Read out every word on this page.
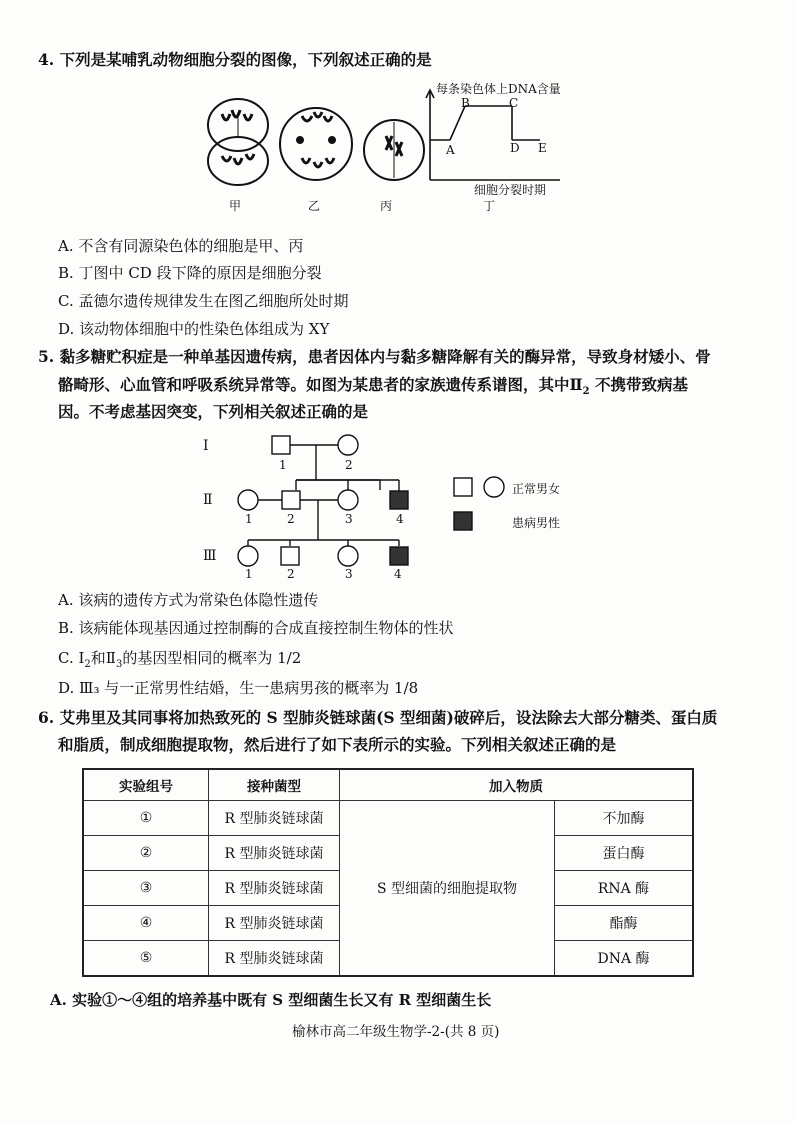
4. 下列是某哺乳动物细胞分裂的图像，下列叙述正确的是
甲	乙	丙	丁
每条染色体上DNA含量
A
B	C
D E
细胞分裂时期
A. 不含有同源染色体的细胞是甲、丙
B. 丁图中 CD 段下降的原因是细胞分裂
C. 孟德尔遗传规律发生在图乙细胞所处时期
D. 该动物体细胞中的性染色体组成为 XY
5. 黏多糖贮积症是一种单基因遗传病，患者因体内与黏多糖降解有关的酶异常，导致身材矮小、骨
骼畸形、心血管和呼吸系统异常等。如图为某患者的家族遗传系谱图，其中$Ⅱ_2$ 不携带致病基
因。不考虑基因突变，下列相关叙述正确的是
Ⅰ
Ⅱ
Ⅲ
1	2
1	2	3	4
1	2	3	4
正常男女
患病男性
A. 该病的遗传方式为常染色体隐性遗传
B. 该病能体现基因通过控制酶的合成直接控制生物体的性状
C. $Ⅰ_2$和$Ⅱ_3$的基因型相同的概率为 1/2
D. Ⅲ₃ 与一正常男性结婚，生一患病男孩的概率为 1/8
6. 艾弗里及其同事将加热致死的 S 型肺炎链球菌(S 型细菌)破碎后，设法除去大部分糖类、蛋白质
和脂质，制成细胞提取物，然后进行了如下表所示的实验。下列相关叙述正确的是
实验组号	接种菌型	加入物质	
①	R 型肺炎链球菌	S 型细菌的细胞提取物	不加酶
②	R 型肺炎链球菌		蛋白酶
③	R 型肺炎链球菌		RNA 酶
④	R 型肺炎链球菌		酯酶
⑤	R 型肺炎链球菌		DNA 酶
A. 实验①～④组的培养基中既有 S 型细菌生长又有 R 型细菌生长
榆林市高二年级生物学-2-(共 8 页)
